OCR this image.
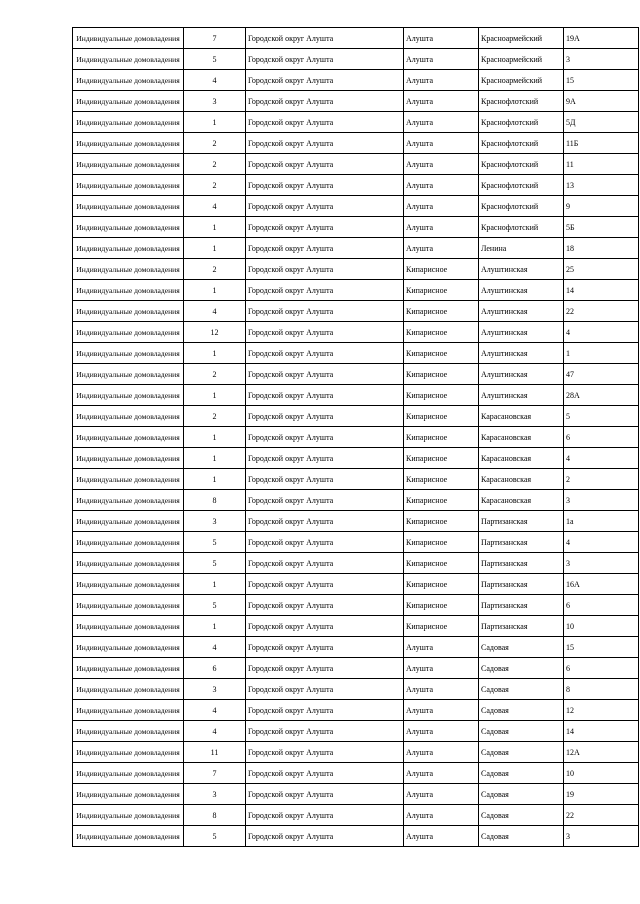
Индивидуальные домовладения	7	Городской округ Алушта	Алушта	Красноармейский	19А
Индивидуальные домовладения	5	Городской округ Алушта	Алушта	Красноармейский	3
Индивидуальные домовладения	4	Городской округ Алушта	Алушта	Красноармейский	15
Индивидуальные домовладения	3	Городской округ Алушта	Алушта	Краснофлотский	9А
Индивидуальные домовладения	1	Городской округ Алушта	Алушта	Краснофлотский	5Д
Индивидуальные домовладения	2	Городской округ Алушта	Алушта	Краснофлотский	11Б
Индивидуальные домовладения	2	Городской округ Алушта	Алушта	Краснофлотский	11
Индивидуальные домовладения	2	Городской округ Алушта	Алушта	Краснофлотский	13
Индивидуальные домовладения	4	Городской округ Алушта	Алушта	Краснофлотский	9
Индивидуальные домовладения	1	Городской округ Алушта	Алушта	Краснофлотский	5Б
Индивидуальные домовладения	1	Городской округ Алушта	Алушта	Ленина	18
Индивидуальные домовладения	2	Городской округ Алушта	Кипарисное	Алуштинская	25
Индивидуальные домовладения	1	Городской округ Алушта	Кипарисное	Алуштинская	14
Индивидуальные домовладения	4	Городской округ Алушта	Кипарисное	Алуштинская	22
Индивидуальные домовладения	12	Городской округ Алушта	Кипарисное	Алуштинская	4
Индивидуальные домовладения	1	Городской округ Алушта	Кипарисное	Алуштинская	1
Индивидуальные домовладения	2	Городской округ Алушта	Кипарисное	Алуштинская	47
Индивидуальные домовладения	1	Городской округ Алушта	Кипарисное	Алуштинская	28А
Индивидуальные домовладения	2	Городской округ Алушта	Кипарисное	Карасановская	5
Индивидуальные домовладения	1	Городской округ Алушта	Кипарисное	Карасановская	6
Индивидуальные домовладения	1	Городской округ Алушта	Кипарисное	Карасановская	4
Индивидуальные домовладения	1	Городской округ Алушта	Кипарисное	Карасановская	2
Индивидуальные домовладения	8	Городской округ Алушта	Кипарисное	Карасановская	3
Индивидуальные домовладения	3	Городской округ Алушта	Кипарисное	Партизанская	1а
Индивидуальные домовладения	5	Городской округ Алушта	Кипарисное	Партизанская	4
Индивидуальные домовладения	5	Городской округ Алушта	Кипарисное	Партизанская	3
Индивидуальные домовладения	1	Городской округ Алушта	Кипарисное	Партизанская	16А
Индивидуальные домовладения	5	Городской округ Алушта	Кипарисное	Партизанская	6
Индивидуальные домовладения	1	Городской округ Алушта	Кипарисное	Партизанская	10
Индивидуальные домовладения	4	Городской округ Алушта	Алушта	Садовая	15
Индивидуальные домовладения	6	Городской округ Алушта	Алушта	Садовая	6
Индивидуальные домовладения	3	Городской округ Алушта	Алушта	Садовая	8
Индивидуальные домовладения	4	Городской округ Алушта	Алушта	Садовая	12
Индивидуальные домовладения	4	Городской округ Алушта	Алушта	Садовая	14
Индивидуальные домовладения	11	Городской округ Алушта	Алушта	Садовая	12А
Индивидуальные домовладения	7	Городской округ Алушта	Алушта	Садовая	10
Индивидуальные домовладения	3	Городской округ Алушта	Алушта	Садовая	19
Индивидуальные домовладения	8	Городской округ Алушта	Алушта	Садовая	22
Индивидуальные домовладения	5	Городской округ Алушта	Алушта	Садовая	3
